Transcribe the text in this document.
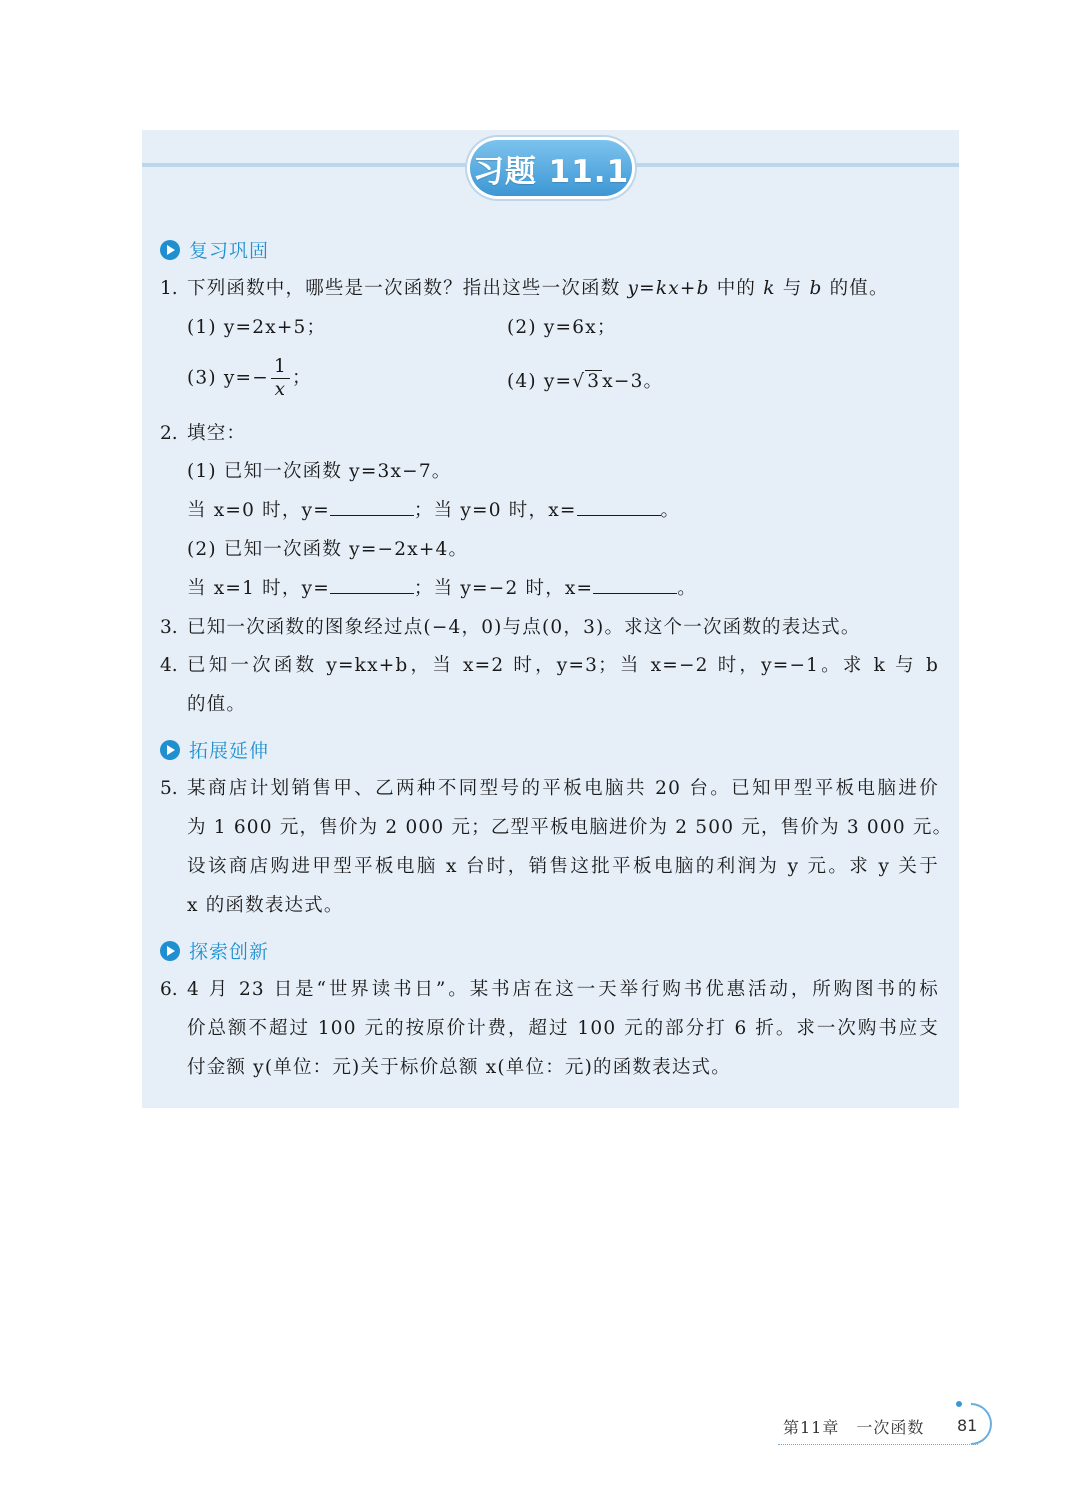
习题 11.1
复习巩固
1. 下列函数中，哪些是一次函数？指出这些一次函数 y=kx+b 中的 k 与 b 的值。
(1) y=2x+5；	(2) y=6x；
(3) $y=- \frac{1}{x}$ ；	(4) y=√ 3 x−3。
2. 填空：
(1) 已知一次函数 y=3x−7。
当 x=0 时，y=	；当 y=0 时，x=	。
(2) 已知一次函数 y=−2x+4。
当 x=1 时，y=	；当 y=−2 时，x=	。
3. 已知一次函数的图象经过点(−4，0)与点(0，3)。求这个一次函数的表达式。
4. 已知一次函数 y=kx+b，当 x=2 时，y=3；当 x=−2 时，y=−1。求 k 与 b
的值。
拓展延伸
5. 某商店计划销售甲、乙两种不同型号的平板电脑共 20 台。已知甲型平板电脑进价
为 1 600 元，售价为 2 000 元；乙型平板电脑进价为 2 500 元，售价为 3 000 元。
设该商店购进甲型平板电脑 x 台时，销售这批平板电脑的利润为 y 元。求 y 关于
x 的函数表达式。
探索创新
6. 4 月 23 日是“世界读书日”。某书店在这一天举行购书优惠活动，所购图书的标
价总额不超过 100 元的按原价计费，超过 100 元的部分打 6 折。求一次购书应支
付金额 y(单位：元)关于标价总额 x(单位：元)的函数表达式。
第11章　一次函数 81
